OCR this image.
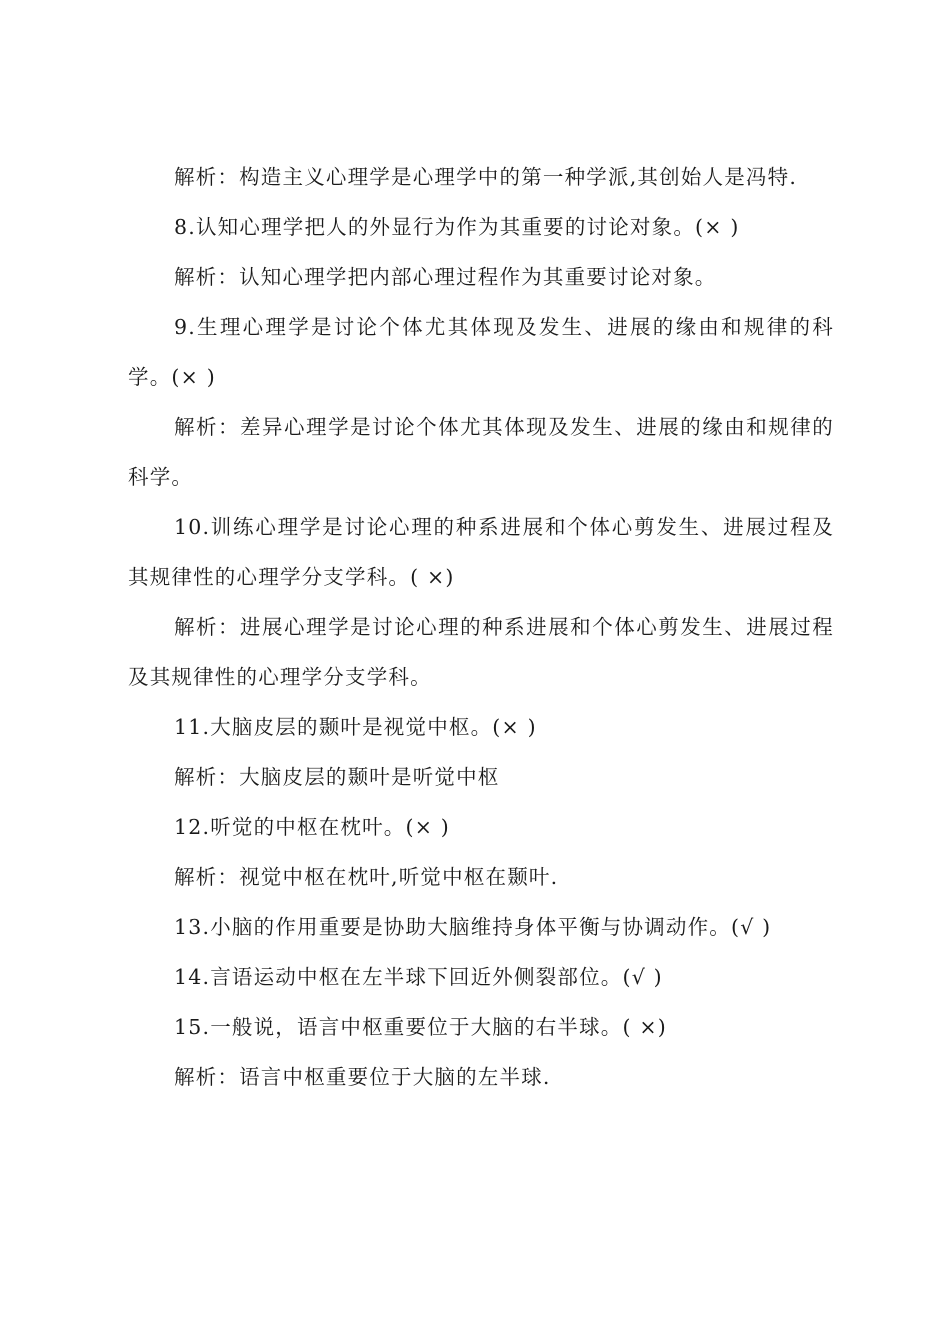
解析：构造主义心理学是心理学中的第一种学派,其创始人是冯特.

8.认知心理学把人的外显行为作为其重要的讨论对象。(× )

解析：认知心理学把内部心理过程作为其重要讨论对象。

9.生理心理学是讨论个体尤其体现及发生、进展的缘由和规律的科学。(× )

解析：差异心理学是讨论个体尤其体现及发生、进展的缘由和规律的科学。

10.训练心理学是讨论心理的种系进展和个体心剪发生、进展过程及其规律性的心理学分支学科。( ×)

解析：进展心理学是讨论心理的种系进展和个体心剪发生、进展过程及其规律性的心理学分支学科。

11.大脑皮层的颞叶是视觉中枢。(× )

解析：大脑皮层的颞叶是听觉中枢

12.听觉的中枢在枕叶。(× )

解析：视觉中枢在枕叶,听觉中枢在颞叶.

13.小脑的作用重要是协助大脑维持身体平衡与协调动作。(√ )

14.言语运动中枢在左半球下回近外侧裂部位。(√ )

15.一般说，语言中枢重要位于大脑的右半球。( ×)

解析：语言中枢重要位于大脑的左半球.
